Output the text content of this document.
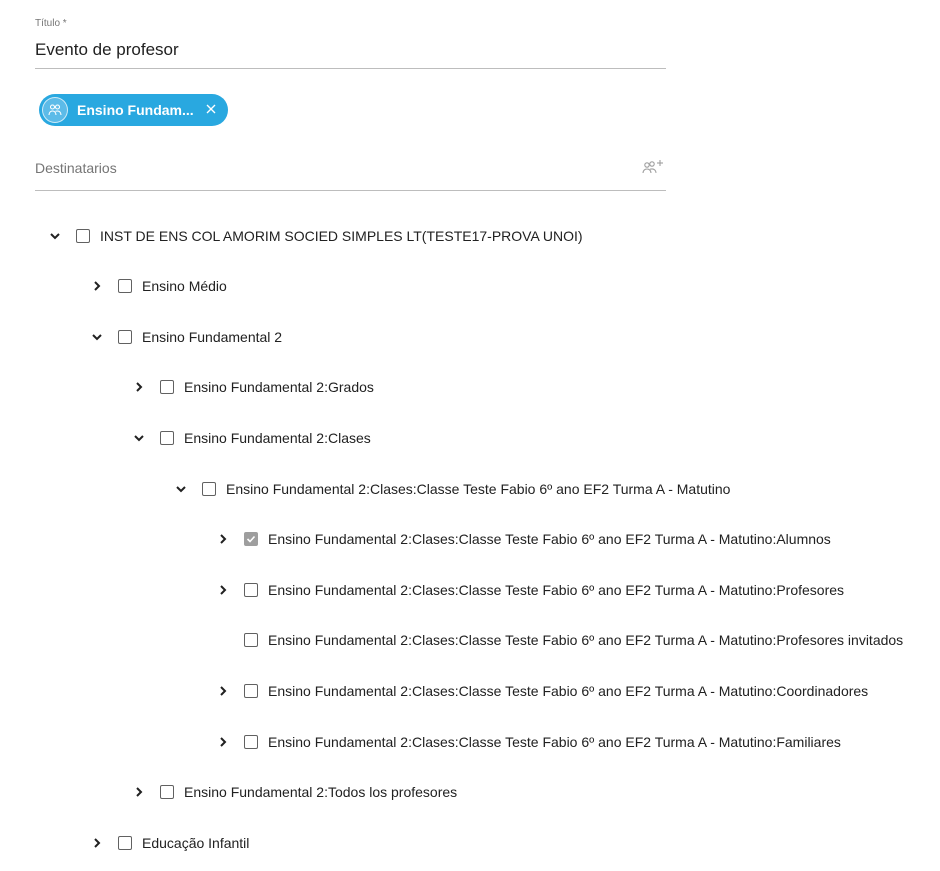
Título *
Evento de profesor
Ensino Fundam...
Destinatarios
INST DE ENS COL AMORIM SOCIED SIMPLES LT(TESTE17-PROVA UNOI)
Ensino Médio
Ensino Fundamental 2
Ensino Fundamental 2:Grados
Ensino Fundamental 2:Clases
Ensino Fundamental 2:Clases:Classe Teste Fabio 6º ano EF2 Turma A - Matutino
Ensino Fundamental 2:Clases:Classe Teste Fabio 6º ano EF2 Turma A - Matutino:Alumnos
Ensino Fundamental 2:Clases:Classe Teste Fabio 6º ano EF2 Turma A - Matutino:Profesores
Ensino Fundamental 2:Clases:Classe Teste Fabio 6º ano EF2 Turma A - Matutino:Profesores invitados
Ensino Fundamental 2:Clases:Classe Teste Fabio 6º ano EF2 Turma A - Matutino:Coordinadores
Ensino Fundamental 2:Clases:Classe Teste Fabio 6º ano EF2 Turma A - Matutino:Familiares
Ensino Fundamental 2:Todos los profesores
Educação Infantil
